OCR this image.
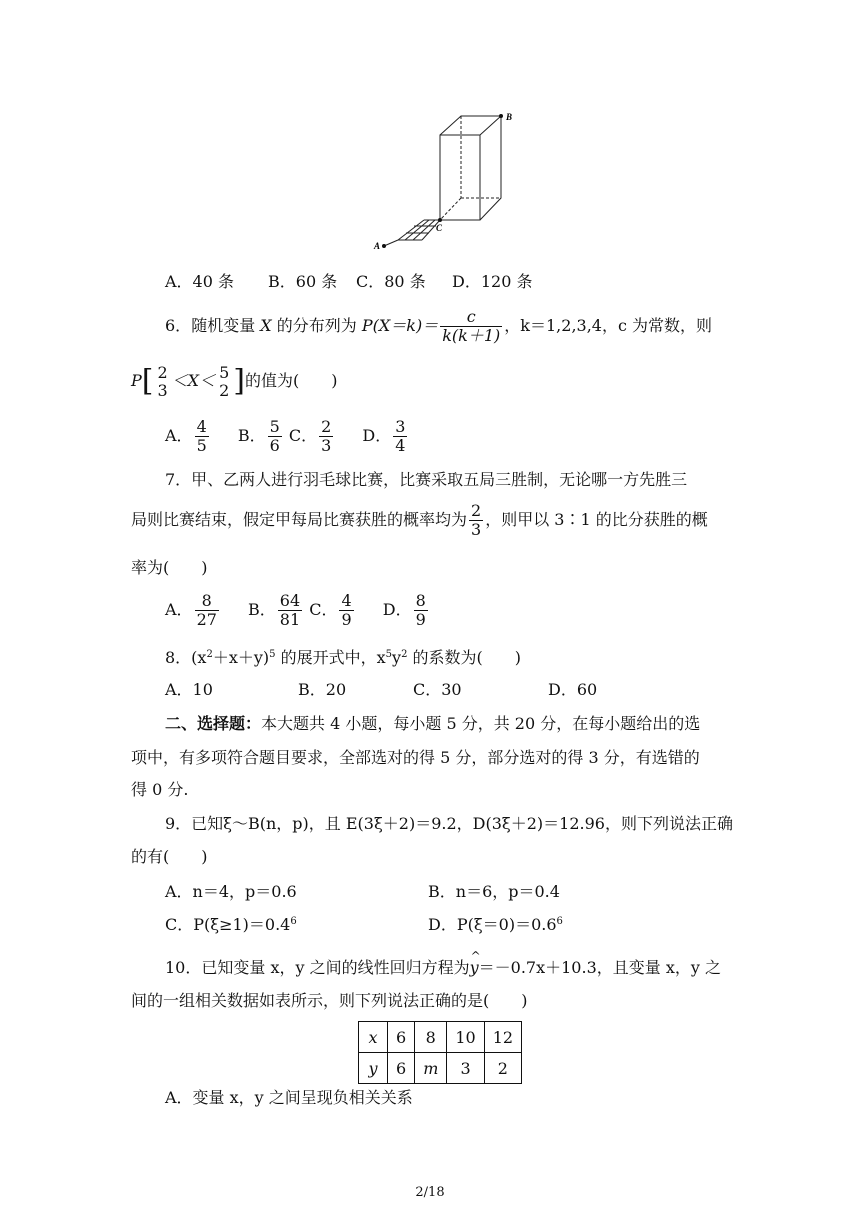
B
C
A
A．40 条 B．60 条 C．80 条 D．120 条
6．随机变量 X 的分布列为 $P(X=k)= \frac{c}{k(k+1)}$ ，k＝1,2,3,4，c 为常数，则
P[ 2
3 ＜X＜ 5
2 ]的值为(　　)
A． $\frac{4}{5}$ B． $\frac{5}{6}$ C． $\frac{2}{3}$ D． $\frac{3}{4}$
7．甲、乙两人进行羽毛球比赛，比赛采取五局三胜制，无论哪一方先胜三
局则比赛结束，假定甲每局比赛获胜的概率均为 $\frac{2}{3}$ ，则甲以 3∶1 的比分获胜的概
率为(　　)
A． $\frac{8}{27}$ B． $\frac{64}{81}$ C． $\frac{4}{9}$ D． $\frac{8}{9}$
8．$(x^2+x+y)^5$ 的展开式中，$x^5y^2$ 的系数为(　　)
A．10	B．20	C．30	D．60
二、选择题：本大题共 4 小题，每小题 5 分，共 20 分，在每小题给出的选
项中，有多项符合题目要求，全部选对的得 5 分，部分选对的得 3 分，有选错的
得 0 分.
9．已知ξ～B(n，p)，且 E(3ξ＋2)＝9.2，D(3ξ＋2)＝12.96，则下列说法正确
的有(　　)
A．n＝4，p＝0.6	B．n＝6，p＝0.4
C．$P(\xi\ge 1)=0.4^6$	D．$P(\xi=0)=0.6^6$
10．已知变量 x，y 之间的线性回归方程为
^
y＝－0.7x＋10.3，且变量 x，y 之
间的一组相关数据如表所示，则下列说法正确的是(　　)
x	6	8	10	12
y	6	m	3	2
A．变量 x，y 之间呈现负相关关系
2/18
